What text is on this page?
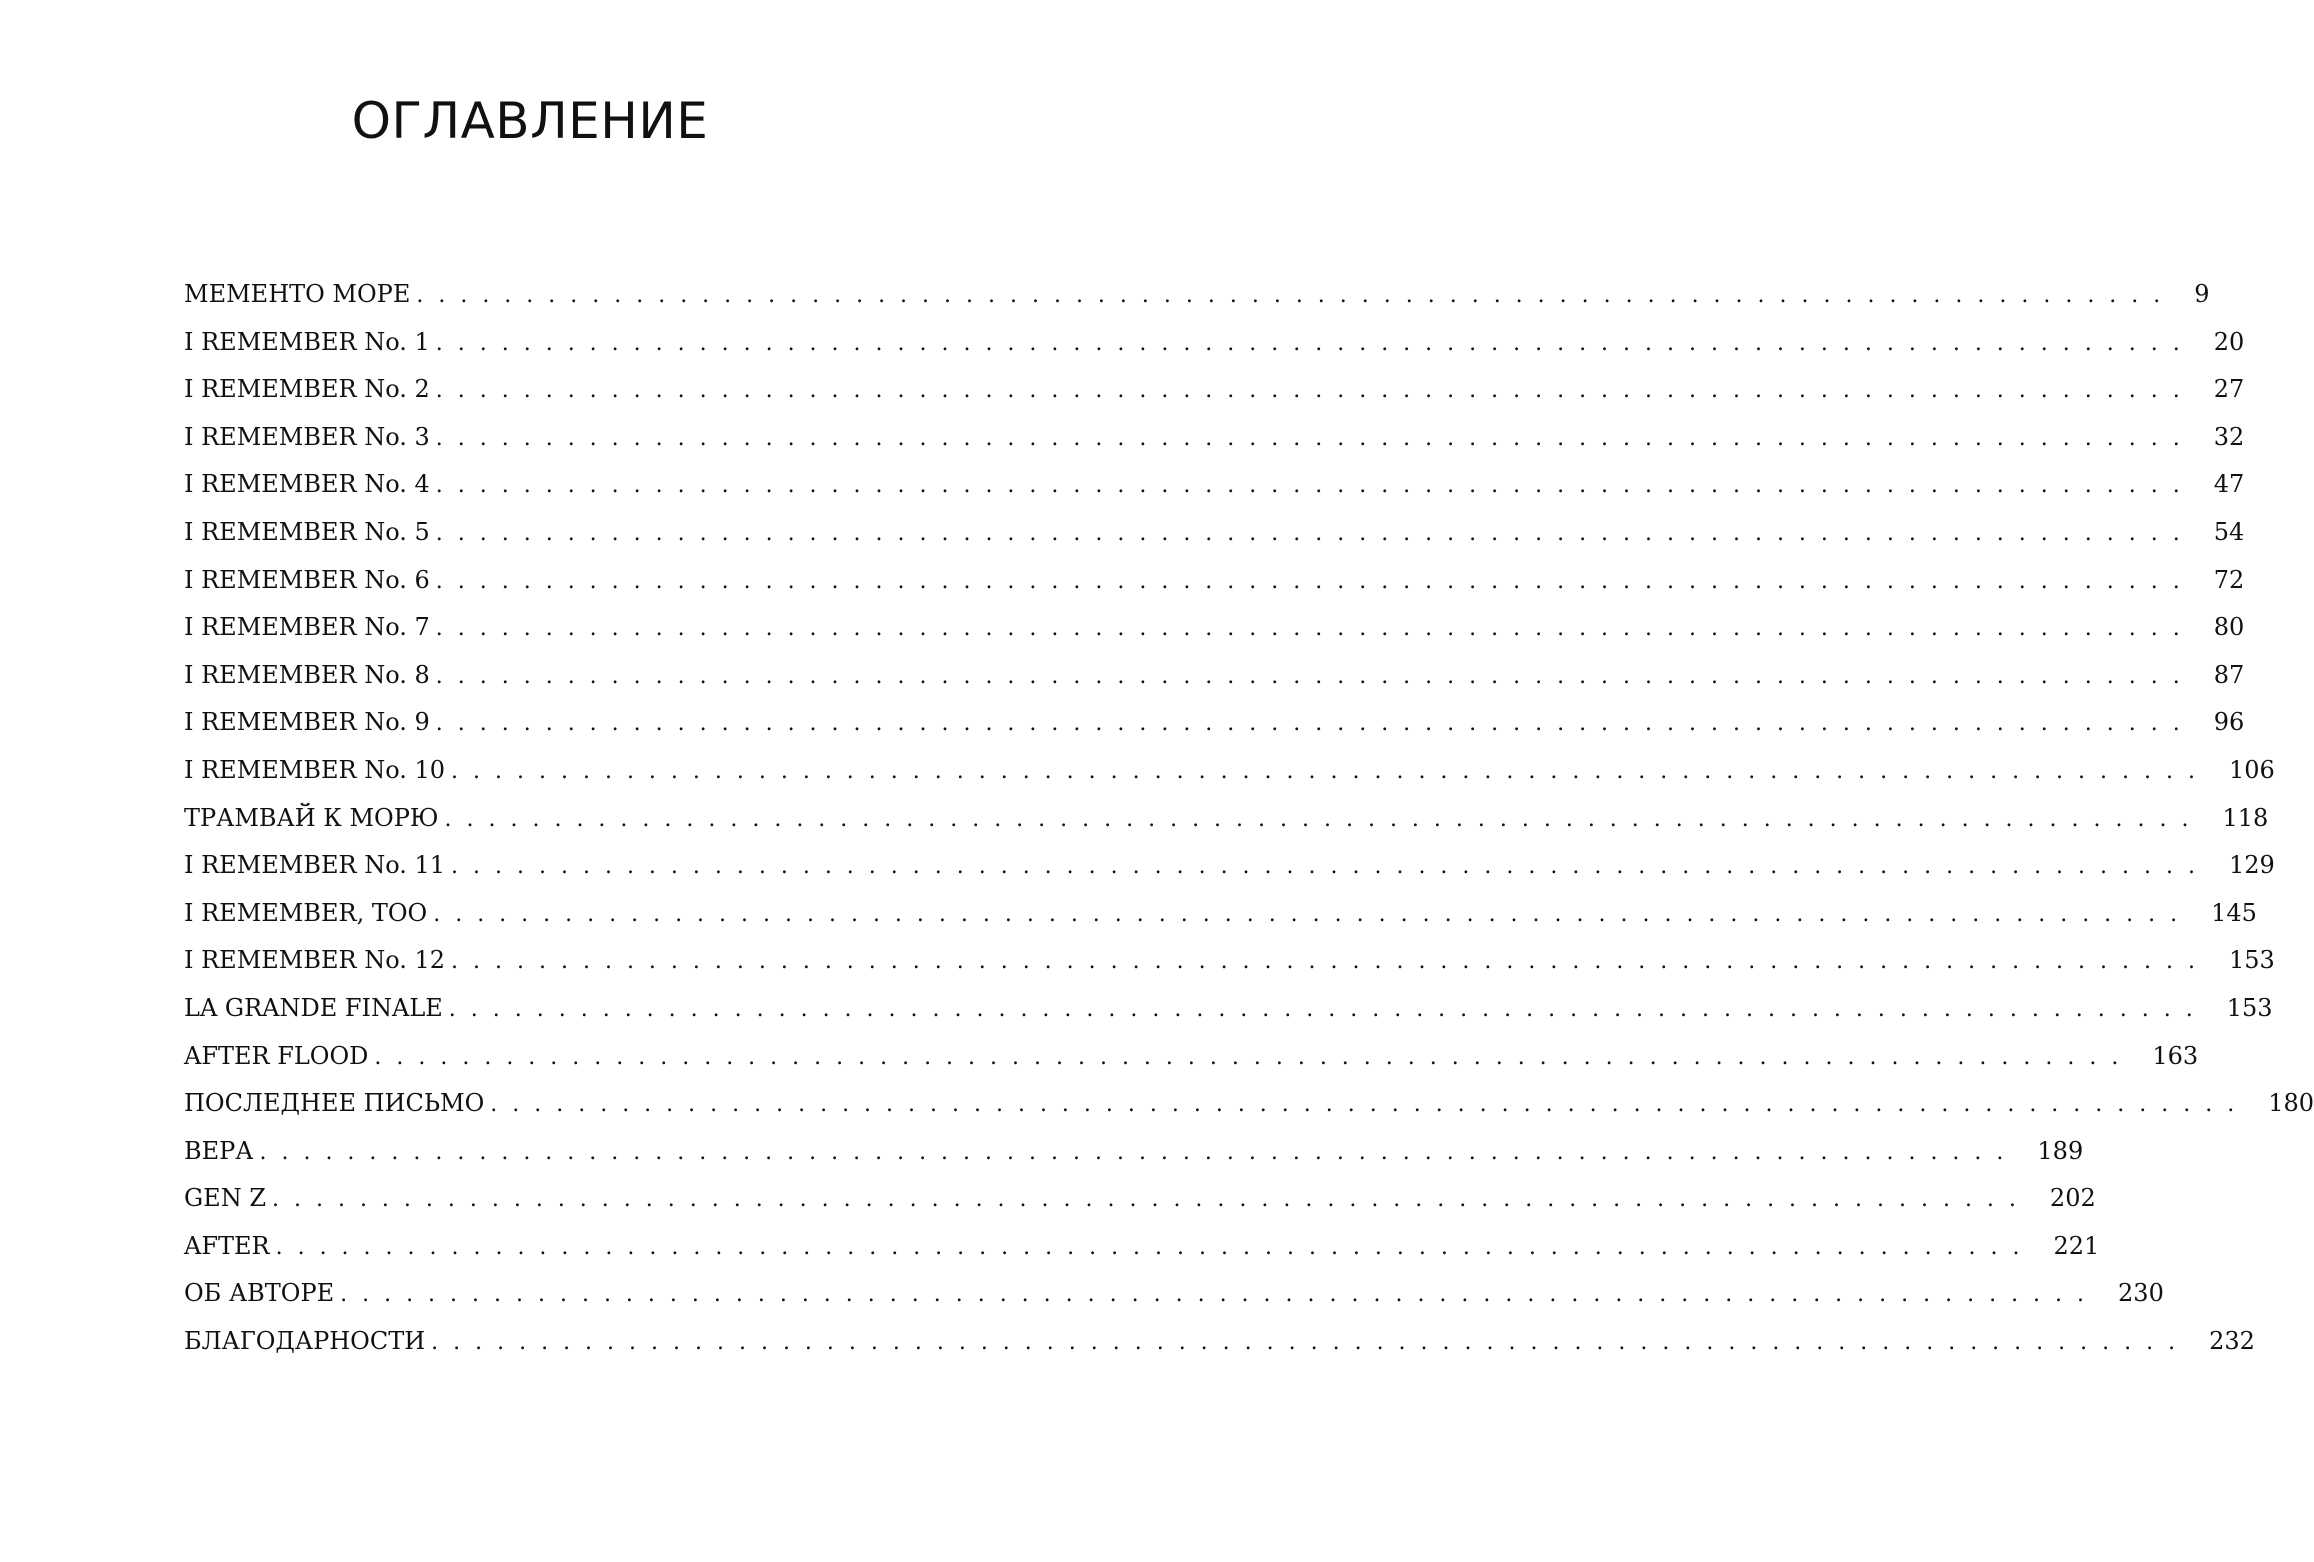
ОГЛАВЛЕНИЕ
МЕМЕНТО МОРЕ . . . . . . . . . . . . . . . . . . . . . . . . . . . . . . . . . . . . . . . . . . . . . . . . . . . . . . . . . . . . . . . . . . . . . . . . . . . . . . . . 9
I REMEMBER No. 1 . . . . . . . . . . . . . . . . . . . . . . . . . . . . . . . . . . . . . . . . . . . . . . . . . . . . . . . . . . . . . . . . . . . . . . . . . . . . . . . . 20
I REMEMBER No. 2 . . . . . . . . . . . . . . . . . . . . . . . . . . . . . . . . . . . . . . . . . . . . . . . . . . . . . . . . . . . . . . . . . . . . . . . . . . . . . . . . 27
I REMEMBER No. 3 . . . . . . . . . . . . . . . . . . . . . . . . . . . . . . . . . . . . . . . . . . . . . . . . . . . . . . . . . . . . . . . . . . . . . . . . . . . . . . . . 32
I REMEMBER No. 4 . . . . . . . . . . . . . . . . . . . . . . . . . . . . . . . . . . . . . . . . . . . . . . . . . . . . . . . . . . . . . . . . . . . . . . . . . . . . . . . . 47
I REMEMBER No. 5 . . . . . . . . . . . . . . . . . . . . . . . . . . . . . . . . . . . . . . . . . . . . . . . . . . . . . . . . . . . . . . . . . . . . . . . . . . . . . . . . 54
I REMEMBER No. 6 . . . . . . . . . . . . . . . . . . . . . . . . . . . . . . . . . . . . . . . . . . . . . . . . . . . . . . . . . . . . . . . . . . . . . . . . . . . . . . . . 72
I REMEMBER No. 7 . . . . . . . . . . . . . . . . . . . . . . . . . . . . . . . . . . . . . . . . . . . . . . . . . . . . . . . . . . . . . . . . . . . . . . . . . . . . . . . . 80
I REMEMBER No. 8 . . . . . . . . . . . . . . . . . . . . . . . . . . . . . . . . . . . . . . . . . . . . . . . . . . . . . . . . . . . . . . . . . . . . . . . . . . . . . . . . 87
I REMEMBER No. 9 . . . . . . . . . . . . . . . . . . . . . . . . . . . . . . . . . . . . . . . . . . . . . . . . . . . . . . . . . . . . . . . . . . . . . . . . . . . . . . . . 96
I REMEMBER No. 10 . . . . . . . . . . . . . . . . . . . . . . . . . . . . . . . . . . . . . . . . . . . . . . . . . . . . . . . . . . . . . . . . . . . . . . . . . . . . . . . . 106
ТРАМВАЙ К МОРЮ . . . . . . . . . . . . . . . . . . . . . . . . . . . . . . . . . . . . . . . . . . . . . . . . . . . . . . . . . . . . . . . . . . . . . . . . . . . . . . . . 118
I REMEMBER No. 11 . . . . . . . . . . . . . . . . . . . . . . . . . . . . . . . . . . . . . . . . . . . . . . . . . . . . . . . . . . . . . . . . . . . . . . . . . . . . . . . . 129
I REMEMBER, TOO . . . . . . . . . . . . . . . . . . . . . . . . . . . . . . . . . . . . . . . . . . . . . . . . . . . . . . . . . . . . . . . . . . . . . . . . . . . . . . . . 145
I REMEMBER No. 12 . . . . . . . . . . . . . . . . . . . . . . . . . . . . . . . . . . . . . . . . . . . . . . . . . . . . . . . . . . . . . . . . . . . . . . . . . . . . . . . . 153
LA GRANDE FINALE . . . . . . . . . . . . . . . . . . . . . . . . . . . . . . . . . . . . . . . . . . . . . . . . . . . . . . . . . . . . . . . . . . . . . . . . . . . . . . . . 153
AFTER FLOOD . . . . . . . . . . . . . . . . . . . . . . . . . . . . . . . . . . . . . . . . . . . . . . . . . . . . . . . . . . . . . . . . . . . . . . . . . . . . . . . . 163
ПОСЛЕДНЕЕ ПИСЬМО . . . . . . . . . . . . . . . . . . . . . . . . . . . . . . . . . . . . . . . . . . . . . . . . . . . . . . . . . . . . . . . . . . . . . . . . . . . . . . . . 180
ВЕРА . . . . . . . . . . . . . . . . . . . . . . . . . . . . . . . . . . . . . . . . . . . . . . . . . . . . . . . . . . . . . . . . . . . . . . . . . . . . . . . . 189
GEN Z . . . . . . . . . . . . . . . . . . . . . . . . . . . . . . . . . . . . . . . . . . . . . . . . . . . . . . . . . . . . . . . . . . . . . . . . . . . . . . . . 202
AFTER . . . . . . . . . . . . . . . . . . . . . . . . . . . . . . . . . . . . . . . . . . . . . . . . . . . . . . . . . . . . . . . . . . . . . . . . . . . . . . . . 221
ОБ АВТОРЕ . . . . . . . . . . . . . . . . . . . . . . . . . . . . . . . . . . . . . . . . . . . . . . . . . . . . . . . . . . . . . . . . . . . . . . . . . . . . . . . . 230
БЛАГОДАРНОСТИ . . . . . . . . . . . . . . . . . . . . . . . . . . . . . . . . . . . . . . . . . . . . . . . . . . . . . . . . . . . . . . . . . . . . . . . . . . . . . . . . 232
